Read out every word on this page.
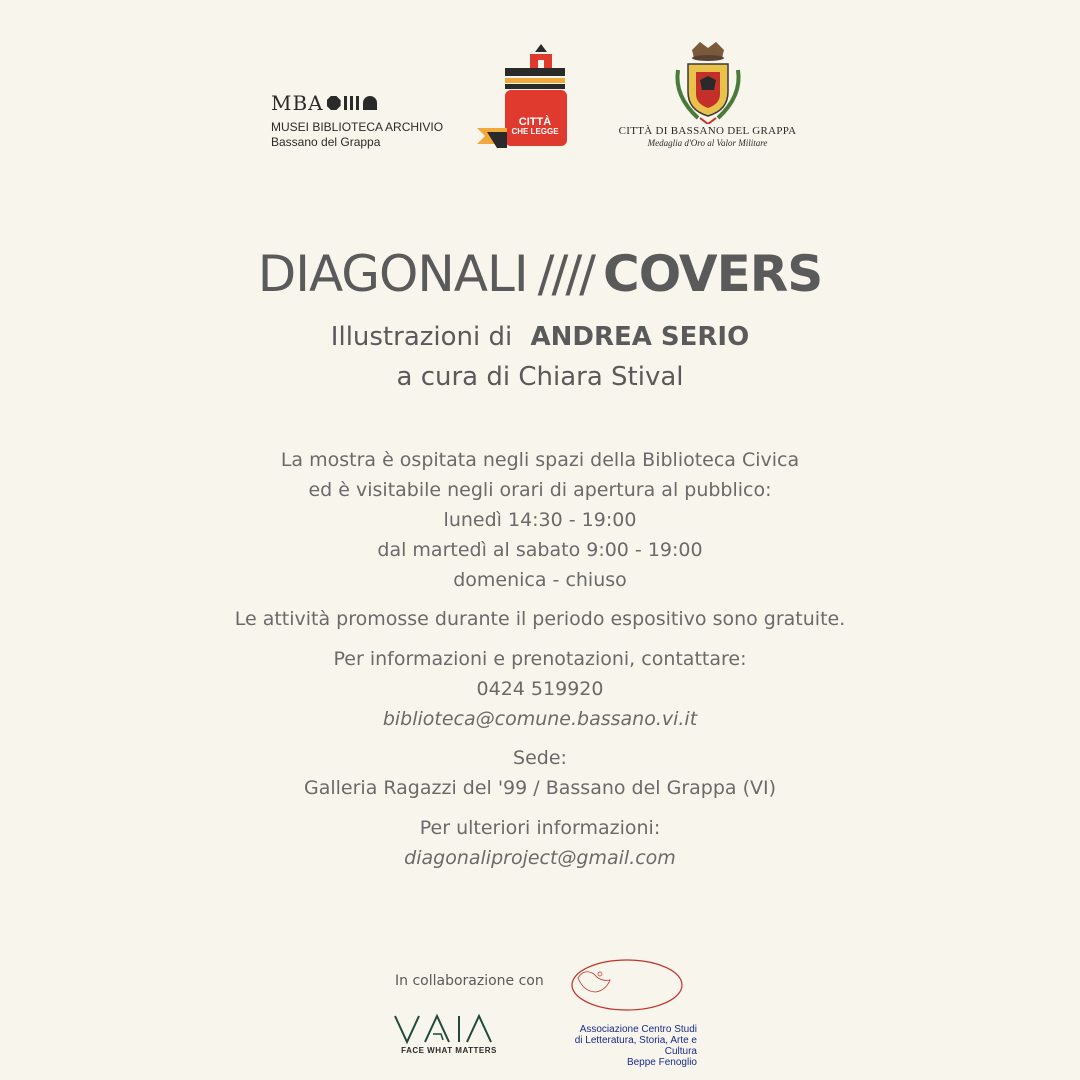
MBA
MUSEI BIBLIOTECA ARCHIVIO
Bassano del Grappa
CITTÀ
CHE LEGGE	CITTÀ DI BASSANO DEL GRAPPA
Medaglia d'Oro al Valor Militare
DIAGONALI //// COVERS
Illustrazioni di ANDREA SERIO
a cura di Chiara Stival
La mostra è ospitata negli spazi della Biblioteca Civica
ed è visitabile negli orari di apertura al pubblico:
lunedì 14:30 - 19:00
dal martedì al sabato 9:00 - 19:00
domenica - chiuso
Le attività promosse durante il periodo espositivo sono gratuite.
Per informazioni e prenotazioni, contattare:
0424 519920
biblioteca@comune.bassano.vi.it
Sede:
Galleria Ragazzi del '99 / Bassano del Grappa (VI)
Per ulteriori informazioni:
diagonaliproject@gmail.com
In collaborazione con
FACE WHAT MATTERS
Associazione Centro Studi
di Letteratura, Storia, Arte e Cultura
Beppe Fenoglio
